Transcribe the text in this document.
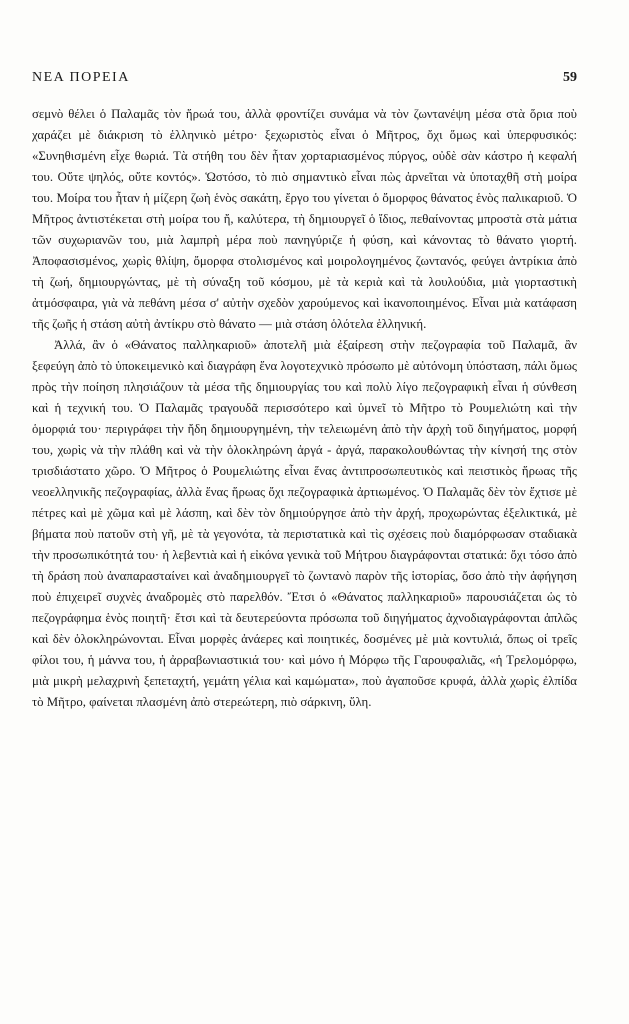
ΝΕΑ ΠΟΡΕΙΑ	59

σεμνὸ θέλει ὁ Παλαμᾶς τὸν ἥρωά του, ἀλλὰ φροντίζει συνάμα νὰ τὸν ζωντανέψη μέσα στὰ ὅρια ποὺ χαράζει μὲ διάκριση τὸ ἑλληνικὸ μέτρο· ξεχωριστὸς εἶναι ὁ Μῆτρος, ὄχι ὅμως καὶ ὑπερφυσικός: «Συνηθισμένη εἶχε θωριά. Τὰ στήθη του δὲν ἦταν χορταριασμένος πύργος, οὐδὲ σὰν κάστρο ἡ κεφαλή του. Οὔτε ψηλός, οὔτε κοντός». Ὡστόσο, τὸ πιὸ σημαντικὸ εἶναι πὼς ἀρνεῖται νὰ ὑποταχθῆ στὴ μοίρα του. Μοίρα του ἦταν ἡ μίζερη ζωὴ ἑνὸς σακάτη, ἔργο του γίνεται ὁ ὄμορφος θάνατος ἑνὸς παλικαριοῦ. Ὁ Μῆτρος ἀντιστέκεται στὴ μοίρα του ἤ, καλύτερα, τὴ δημιουργεῖ ὁ ἴδιος, πεθαίνοντας μπροστὰ στὰ μάτια τῶν συχωριανῶν του, μιὰ λαμπρὴ μέρα ποὺ πανηγύριζε ἡ φύση, καὶ κάνοντας τὸ θάνατο γιορτή. Ἀποφασισμένος, χωρὶς θλίψη, ὄμορφα στολισμένος καὶ μοιρολογημένος ζωντανός, φεύγει ἀντρίκια ἀπὸ τὴ ζωή, δημιουργώντας, μὲ τὴ σύναξη τοῦ κόσμου, μὲ τὰ κεριὰ καὶ τὰ λουλούδια, μιὰ γιορταστικὴ ἀτμόσφαιρα, γιὰ νὰ πεθάνη μέσα σ' αὐτὴν σχεδὸν χαρούμενος καὶ ἱκανοποιημένος. Εἶναι μιὰ κατάφαση τῆς ζωῆς ἡ στάση αὐτὴ ἀντίκρυ στὸ θάνατο — μιὰ στάση ὁλότελα ἑλληνική.

Ἀλλά, ἂν ὁ «Θάνατος παλληκαριοῦ» ἀποτελῆ μιὰ ἐξαίρεση στὴν πεζογραφία τοῦ Παλαμᾶ, ἂν ξεφεύγη ἀπὸ τὸ ὑποκειμενικὸ καὶ διαγράφη ἕνα λογοτεχνικὸ πρόσωπο μὲ αὐτόνομη ὑπόσταση, πάλι ὅμως πρὸς τὴν ποίηση πλησιάζουν τὰ μέσα τῆς δημιουργίας του καὶ πολὺ λίγο πεζογραφικὴ εἶναι ἡ σύνθεση καὶ ἡ τεχνική του. Ὁ Παλαμᾶς τραγουδᾶ περισσότερο καὶ ὑμνεῖ τὸ Μῆτρο τὸ Ρουμελιώτη καὶ τὴν ὁμορφιά του· περιγράφει τὴν ἤδη δημιουργημένη, τὴν τελειωμένη ἀπὸ τὴν ἀρχὴ τοῦ διηγήματος, μορφή του, χωρὶς νὰ τὴν πλάθη καὶ νὰ τὴν ὁλοκληρώνη ἀργά - ἀργά, παρακολουθώντας τὴν κίνησή της στὸν τρισδιάστατο χῶρο. Ὁ Μῆτρος ὁ Ρουμελιώτης εἶναι ἕνας ἀντιπροσωπευτικὸς καὶ πειστικὸς ἥρωας τῆς νεοελληνικῆς πεζογραφίας, ἀλλὰ ἕνας ἥρωας ὄχι πεζογραφικὰ ἀρτιωμένος. Ὁ Παλαμᾶς δὲν τὸν ἔχτισε μὲ πέτρες καὶ μὲ χῶμα καὶ μὲ λάσπη, καὶ δὲν τὸν δημιούργησε ἀπὸ τὴν ἀρχή, προχωρώντας ἐξελικτικά, μὲ βήματα ποὺ πατοῦν στὴ γῆ, μὲ τὰ γεγονότα, τὰ περιστατικὰ καὶ τὶς σχέσεις ποὺ διαμόρφωσαν σταδιακὰ τὴν προσωπικότητά του· ἡ λεβεντιὰ καὶ ἡ εἰκόνα γενικὰ τοῦ Μήτρου διαγράφονται στατικά: ὄχι τόσο ἀπὸ τὴ δράση ποὺ ἀναπαρασταίνει καὶ ἀναδημιουργεῖ τὸ ζωντανὸ παρὸν τῆς ἱστορίας, ὅσο ἀπὸ τὴν ἀφήγηση ποὺ ἐπιχειρεῖ συχνὲς ἀναδρομὲς στὸ παρελθόν. Ἔτσι ὁ «Θάνατος παλληκαριοῦ» παρουσιάζεται ὡς τὸ πεζογράφημα ἑνὸς ποιητῆ· ἔτσι καὶ τὰ δευτερεύοντα πρόσωπα τοῦ διηγήματος ἀχνοδιαγράφονται ἁπλῶς καὶ δὲν ὁλοκληρώνονται. Εἶναι μορφὲς ἀνάερες καὶ ποιητικές, δοσμένες μὲ μιὰ κοντυλιά, ὅπως οἱ τρεῖς φίλοι του, ἡ μάννα του, ἡ ἀρραβωνιαστικιά του· καὶ μόνο ἡ Μόρφω τῆς Γαρουφαλιᾶς, «ἡ Τρελομόρφω, μιὰ μικρὴ μελαχρινὴ ξεπεταχτή, γεμάτη γέλια καὶ καμώματα», ποὺ ἀγαποῦσε κρυφά, ἀλλὰ χωρὶς ἐλπίδα τὸ Μῆτρο, φαίνεται πλασμένη ἀπὸ στερεώτερη, πιὸ σάρκινη, ὕλη.
